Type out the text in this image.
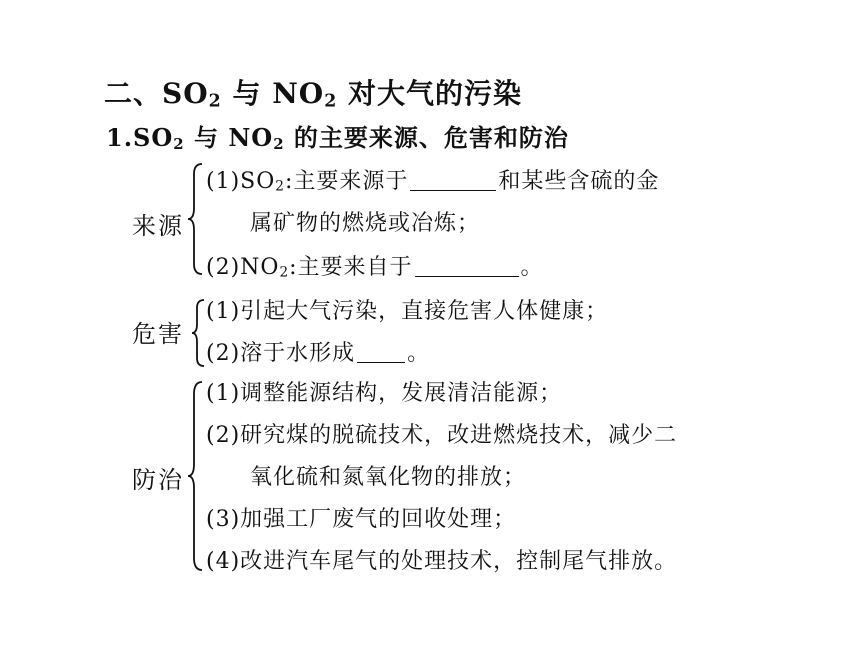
二、$SO_2$ 与 $NO_2$ 对大气的污染
1.SO2 与 NO2 的主要来源、危害和防治
来源
$(1)SO_2$:主要来源于	和某些含硫的金
属矿物的燃烧或冶炼；
$(2)NO_2$:主要来自于	。
危害
(1)引起大气污染，直接危害人体健康；
(2)溶于水形成 。
防治
(1)调整能源结构，发展清洁能源；
(2)研究煤的脱硫技术，改进燃烧技术，减少二
氧化硫和氮氧化物的排放；
(3)加强工厂废气的回收处理；
(4)改进汽车尾气的处理技术，控制尾气排放。
